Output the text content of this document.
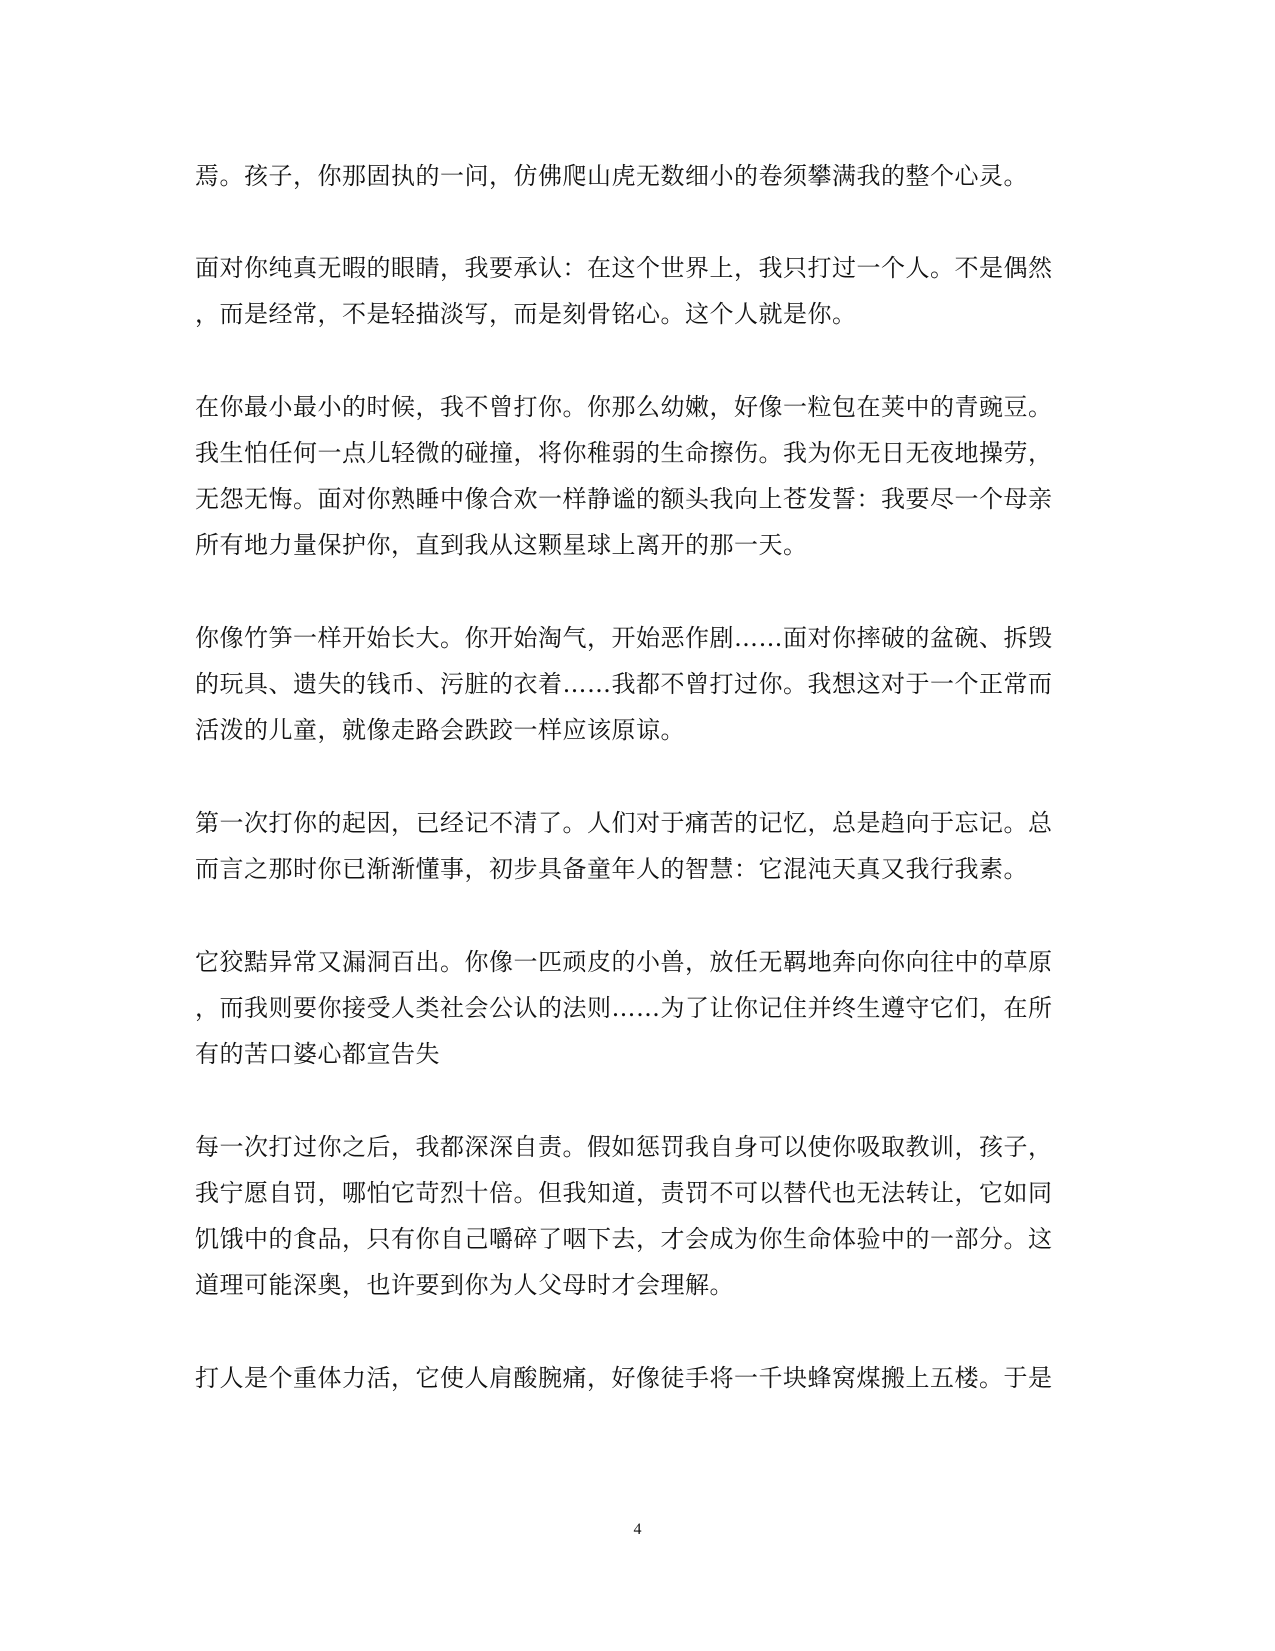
焉。孩子，你那固执的一问，仿佛爬山虎无数细小的卷须攀满我的整个心灵。
面对你纯真无暇的眼睛，我要承认：在这个世界上，我只打过一个人。不是偶然
，而是经常，不是轻描淡写，而是刻骨铭心。这个人就是你。
在你最小最小的时候，我不曾打你。你那么幼嫩，好像一粒包在荚中的青豌豆。
我生怕任何一点儿轻微的碰撞，将你稚弱的生命擦伤。我为你无日无夜地操劳，
无怨无悔。面对你熟睡中像合欢一样静谧的额头我向上苍发誓：我要尽一个母亲
所有地力量保护你，直到我从这颗星球上离开的那一天。
你像竹笋一样开始长大。你开始淘气，开始恶作剧……面对你摔破的盆碗、拆毁
的玩具、遗失的钱币、污脏的衣着……我都不曾打过你。我想这对于一个正常而
活泼的儿童，就像走路会跌跤一样应该原谅。
第一次打你的起因，已经记不清了。人们对于痛苦的记忆，总是趋向于忘记。总
而言之那时你已渐渐懂事，初步具备童年人的智慧：它混沌天真又我行我素。
它狡黠异常又漏洞百出。你像一匹顽皮的小兽，放任无羁地奔向你向往中的草原
，而我则要你接受人类社会公认的法则……为了让你记住并终生遵守它们，在所
有的苦口婆心都宣告失
每一次打过你之后，我都深深自责。假如惩罚我自身可以使你吸取教训，孩子，
我宁愿自罚，哪怕它苛烈十倍。但我知道，责罚不可以替代也无法转让，它如同
饥饿中的食品，只有你自己嚼碎了咽下去，才会成为你生命体验中的一部分。这
道理可能深奥，也许要到你为人父母时才会理解。
打人是个重体力活，它使人肩酸腕痛，好像徒手将一千块蜂窝煤搬上五楼。于是
4
